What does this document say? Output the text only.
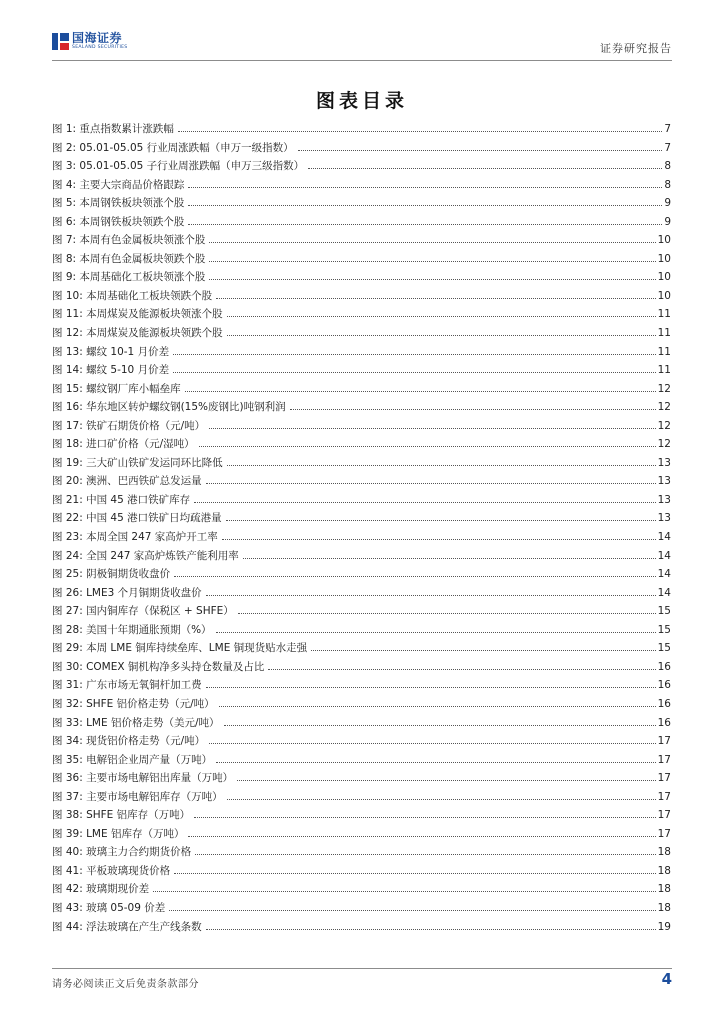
国海证券
SEALAND SECURITIES	证券研究报告
图表目录
图 1: 重点指数累计涨跌幅	7
图 2: 05.01-05.05 行业周涨跌幅（申万一级指数）	7
图 3: 05.01-05.05 子行业周涨跌幅（申万三级指数）	8
图 4: 主要大宗商品价格跟踪	8
图 5: 本周钢铁板块领涨个股	9
图 6: 本周钢铁板块领跌个股	9
图 7: 本周有色金属板块领涨个股	10
图 8: 本周有色金属板块领跌个股	10
图 9: 本周基础化工板块领涨个股	10
图 10: 本周基础化工板块领跌个股	10
图 11: 本周煤炭及能源板块领涨个股	11
图 12: 本周煤炭及能源板块领跌个股	11
图 13: 螺纹 10-1 月价差	11
图 14: 螺纹 5-10 月价差	11
图 15: 螺纹钢厂库小幅垒库	12
图 16: 华东地区转炉螺纹钢(15%废钢比)吨钢利润	12
图 17: 铁矿石期货价格（元/吨）	12
图 18: 进口矿价格（元/湿吨）	12
图 19: 三大矿山铁矿发运同环比降低	13
图 20: 澳洲、巴西铁矿总发运量	13
图 21: 中国 45 港口铁矿库存	13
图 22: 中国 45 港口铁矿日均疏港量	13
图 23: 本周全国 247 家高炉开工率	14
图 24: 全国 247 家高炉炼铁产能利用率	14
图 25: 阴极铜期货收盘价	14
图 26: LME3 个月铜期货收盘价	14
图 27: 国内铜库存（保税区 + SHFE）	15
图 28: 美国十年期通胀预期（%）	15
图 29: 本周 LME 铜库持续垒库、LME 铜现货贴水走强	15
图 30: COMEX 铜机构净多头持仓数量及占比	16
图 31: 广东市场无氧铜杆加工费	16
图 32: SHFE 铝价格走势（元/吨）	16
图 33: LME 铝价格走势（美元/吨）	16
图 34: 现货铝价格走势（元/吨）	17
图 35: 电解铝企业周产量（万吨）	17
图 36: 主要市场电解铝出库量（万吨）	17
图 37: 主要市场电解铝库存（万吨）	17
图 38: SHFE 铝库存（万吨）	17
图 39: LME 铝库存（万吨）	17
图 40: 玻璃主力合约期货价格	18
图 41: 平板玻璃现货价格	18
图 42: 玻璃期现价差	18
图 43: 玻璃 05-09 价差	18
图 44: 浮法玻璃在产生产线条数	19
请务必阅读正文后免责条款部分	4
